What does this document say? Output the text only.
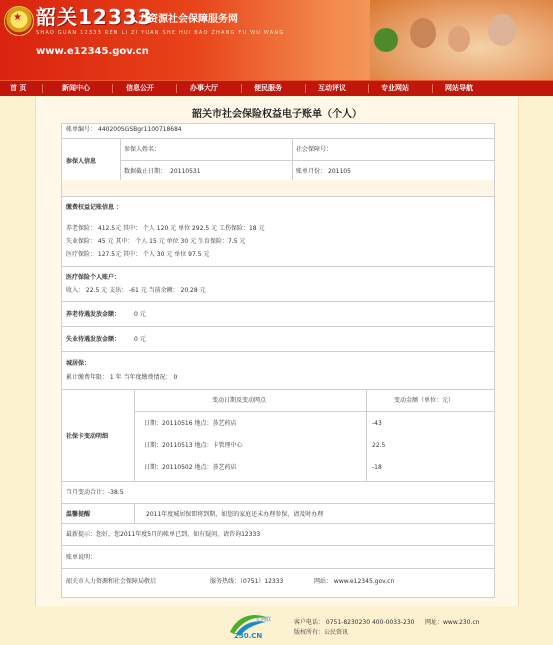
★ 韶关12333
人力资源社会保障服务网
SHAO GUAN 12333 REN LI ZI YUAN SHE HUI BAO ZHANG FU WU WANG
www.e12345.gov.cn
首 页	新闻中心	信息公开	办事大厅	便民服务	互动评议	专业网站	网站导航
韶关市社会保险权益电子账单（个人）
帐单编号： 440200SGSBgr1100718684
参保人信息
参保人姓名：	社会保障号：
数据截止日期： 20110531	账单月份： 201105
缴费权益记账信息 ：
养老保险： 412.5元 其中： 个人 120 元 单位 292.5 元 工伤保险：18 元
失业保险： 45 元 其中： 个人 15 元 单位 30 元 生育保险：7.5 元
医疗保险： 127.5元 其中： 个人 30 元 单位 97.5 元
医疗保险个人账户：
收入： 22.5 元 支出： -61 元 当前余额： 20.28 元
养老待遇发放金额： 0 元
失业待遇发放金额： 0 元
城居保：
累计缴费年限： 1 年 当年度缴费情况： 0
社保卡变动明细
变动日期及变动网点	变动金额（单位：元）
日期：20110516 地点：荟艺药店	-43
日期：20110513 地点：卡管理中心	22.5
日期：20110502 地点：荟艺药店	-18
当月变动合计：-38.5
温馨提醒	2011年度城居保即将到期，如您的家庭还未办理参保，请及时办理
最新提示：您好，您2011年度5月的帐单已到，如有疑问，请咨询12333
账单说明：
韶关市人力资源和社会保障局敬启	服务热线：（0751）12333	网站： www.e12345.gov.cn
亿网联
230.CN
客户电话： 0751-8230230 400-0033-230 网址：www.230.cn
版权所有：公民资讯
